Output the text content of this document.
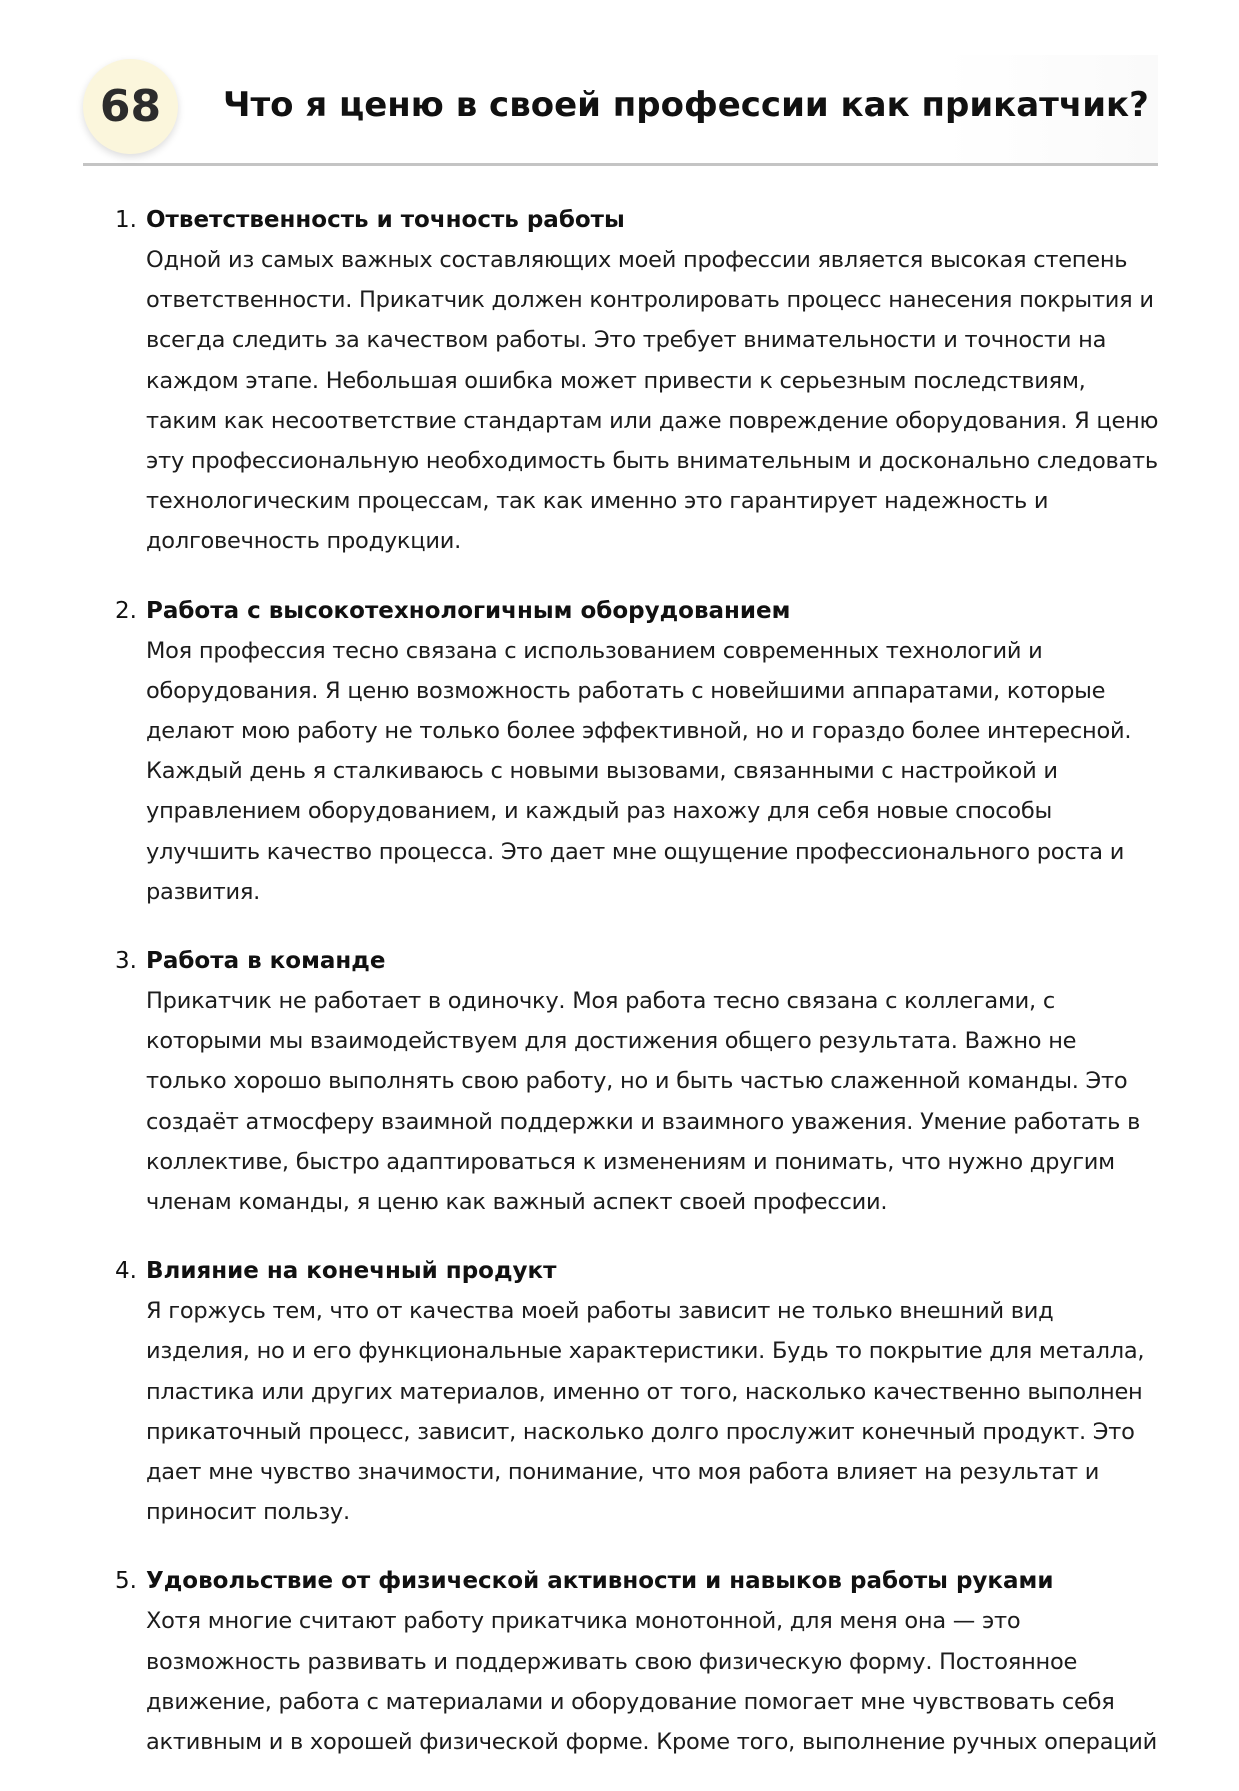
68	Что я ценю в своей профессии как прикатчик?
1. Ответственность и точность работы
Одной из самых важных составляющих моей профессии является высокая степень ответственности. Прикатчик должен контролировать процесс нанесения покрытия и всегда следить за качеством работы. Это требует внимательности и точности на каждом этапе. Небольшая ошибка может привести к серьезным последствиям, таким как несоответствие стандартам или даже повреждение оборудования. Я ценю эту профессиональную необходимость быть внимательным и досконально следовать технологическим процессам, так как именно это гарантирует надежность и долговечность продукции.
2. Работа с высокотехнологичным оборудованием
Моя профессия тесно связана с использованием современных технологий и оборудования. Я ценю возможность работать с новейшими аппаратами, которые делают мою работу не только более эффективной, но и гораздо более интересной. Каждый день я сталкиваюсь с новыми вызовами, связанными с настройкой и управлением оборудованием, и каждый раз нахожу для себя новые способы улучшить качество процесса. Это дает мне ощущение профессионального роста и развития.
3. Работа в команде
Прикатчик не работает в одиночку. Моя работа тесно связана с коллегами, с которыми мы взаимодействуем для достижения общего результата. Важно не только хорошо выполнять свою работу, но и быть частью слаженной команды. Это создаёт атмосферу взаимной поддержки и взаимного уважения. Умение работать в коллективе, быстро адаптироваться к изменениям и понимать, что нужно другим членам команды, я ценю как важный аспект своей профессии.
4. Влияние на конечный продукт
Я горжусь тем, что от качества моей работы зависит не только внешний вид изделия, но и его функциональные характеристики. Будь то покрытие для металла, пластика или других материалов, именно от того, насколько качественно выполнен прикаточный процесс, зависит, насколько долго прослужит конечный продукт. Это дает мне чувство значимости, понимание, что моя работа влияет на результат и приносит пользу.
5. Удовольствие от физической активности и навыков работы руками
Хотя многие считают работу прикатчика монотонной, для меня она — это возможность развивать и поддерживать свою физическую форму. Постоянное движение, работа с материалами и оборудование помогает мне чувствовать себя активным и в хорошей физической форме. Кроме того, выполнение ручных операций
